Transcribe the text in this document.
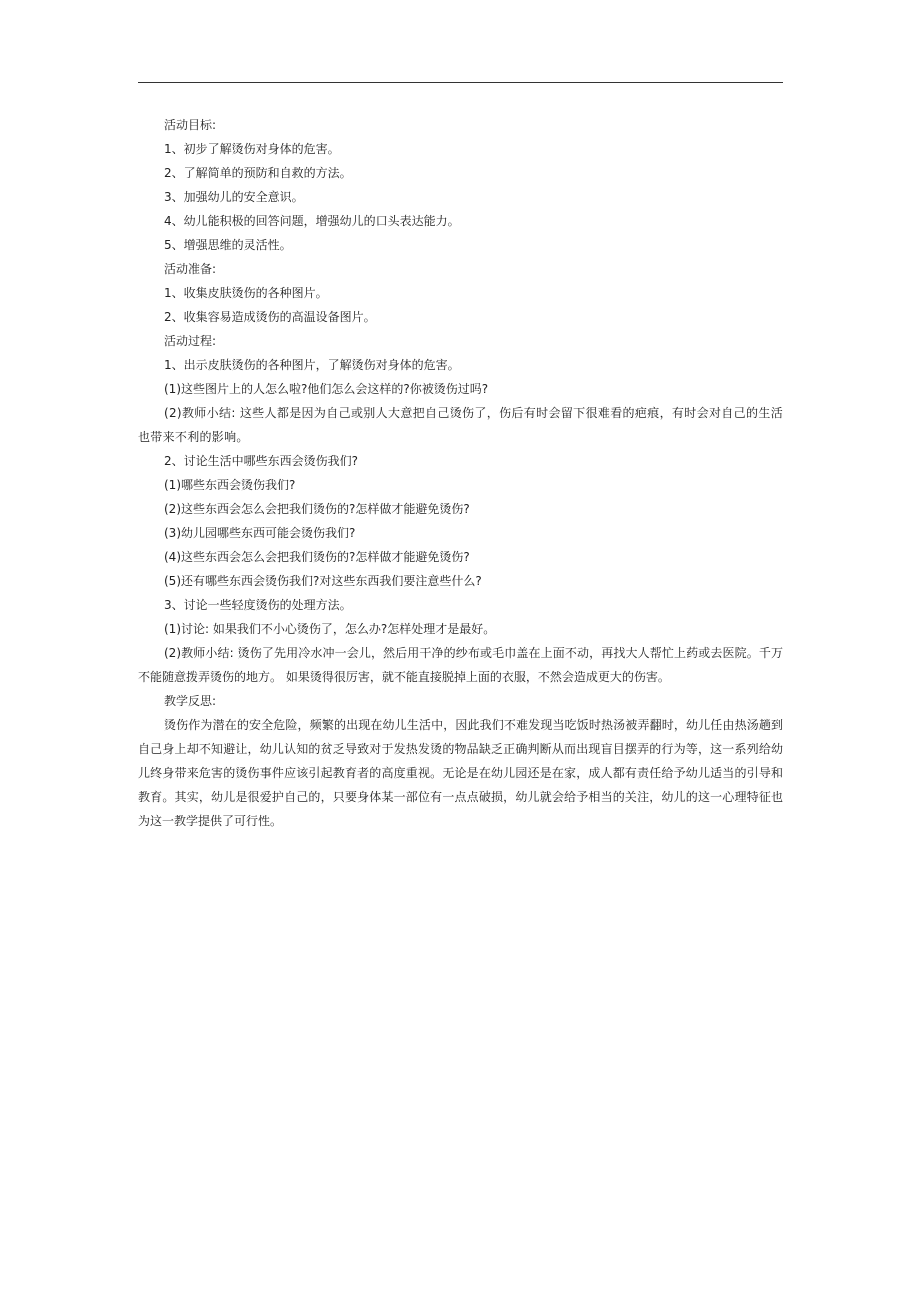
活动目标:
1、初步了解烫伤对身体的危害。
2、了解简单的预防和自救的方法。
3、加强幼儿的安全意识。
4、幼儿能积极的回答问题，增强幼儿的口头表达能力。
5、增强思维的灵活性。
活动准备:
1、收集皮肤烫伤的各种图片。
2、收集容易造成烫伤的高温设备图片。
活动过程:
1、出示皮肤烫伤的各种图片，了解烫伤对身体的危害。
(1)这些图片上的人怎么啦?他们怎么会这样的?你被烫伤过吗?
(2)教师小结: 这些人都是因为自己或别人大意把自己烫伤了，伤后有时会留下很难看的疤痕，有时会对自己的生活也带来不利的影响。
2、讨论生活中哪些东西会烫伤我们?
(1)哪些东西会烫伤我们?
(2)这些东西会怎么会把我们烫伤的?怎样做才能避免烫伤?
(3)幼儿园哪些东西可能会烫伤我们?
(4)这些东西会怎么会把我们烫伤的?怎样做才能避免烫伤?
(5)还有哪些东西会烫伤我们?对这些东西我们要注意些什么?
3、讨论一些轻度烫伤的处理方法。
(1)讨论: 如果我们不小心烫伤了，怎么办?怎样处理才是最好。
(2)教师小结: 烫伤了先用冷水冲一会儿，然后用干净的纱布或毛巾盖在上面不动，再找大人帮忙上药或去医院。千万不能随意拨弄烫伤的地方。 如果烫得很厉害，就不能直接脱掉上面的衣服，不然会造成更大的伤害。
教学反思:
烫伤作为潜在的安全危险，频繁的出现在幼儿生活中，因此我们不难发现当吃饭时热汤被弄翻时，幼儿任由热汤趟到自己身上却不知避让，幼儿认知的贫乏导致对于发热发烫的物品缺乏正确判断从而出现盲目摆弄的行为等，这一系列给幼儿终身带来危害的烫伤事件应该引起教育者的高度重视。无论是在幼儿园还是在家，成人都有责任给予幼儿适当的引导和教育。其实，幼儿是很爱护自己的，只要身体某一部位有一点点破损，幼儿就会给予相当的关注，幼儿的这一心理特征也为这一教学提供了可行性。
